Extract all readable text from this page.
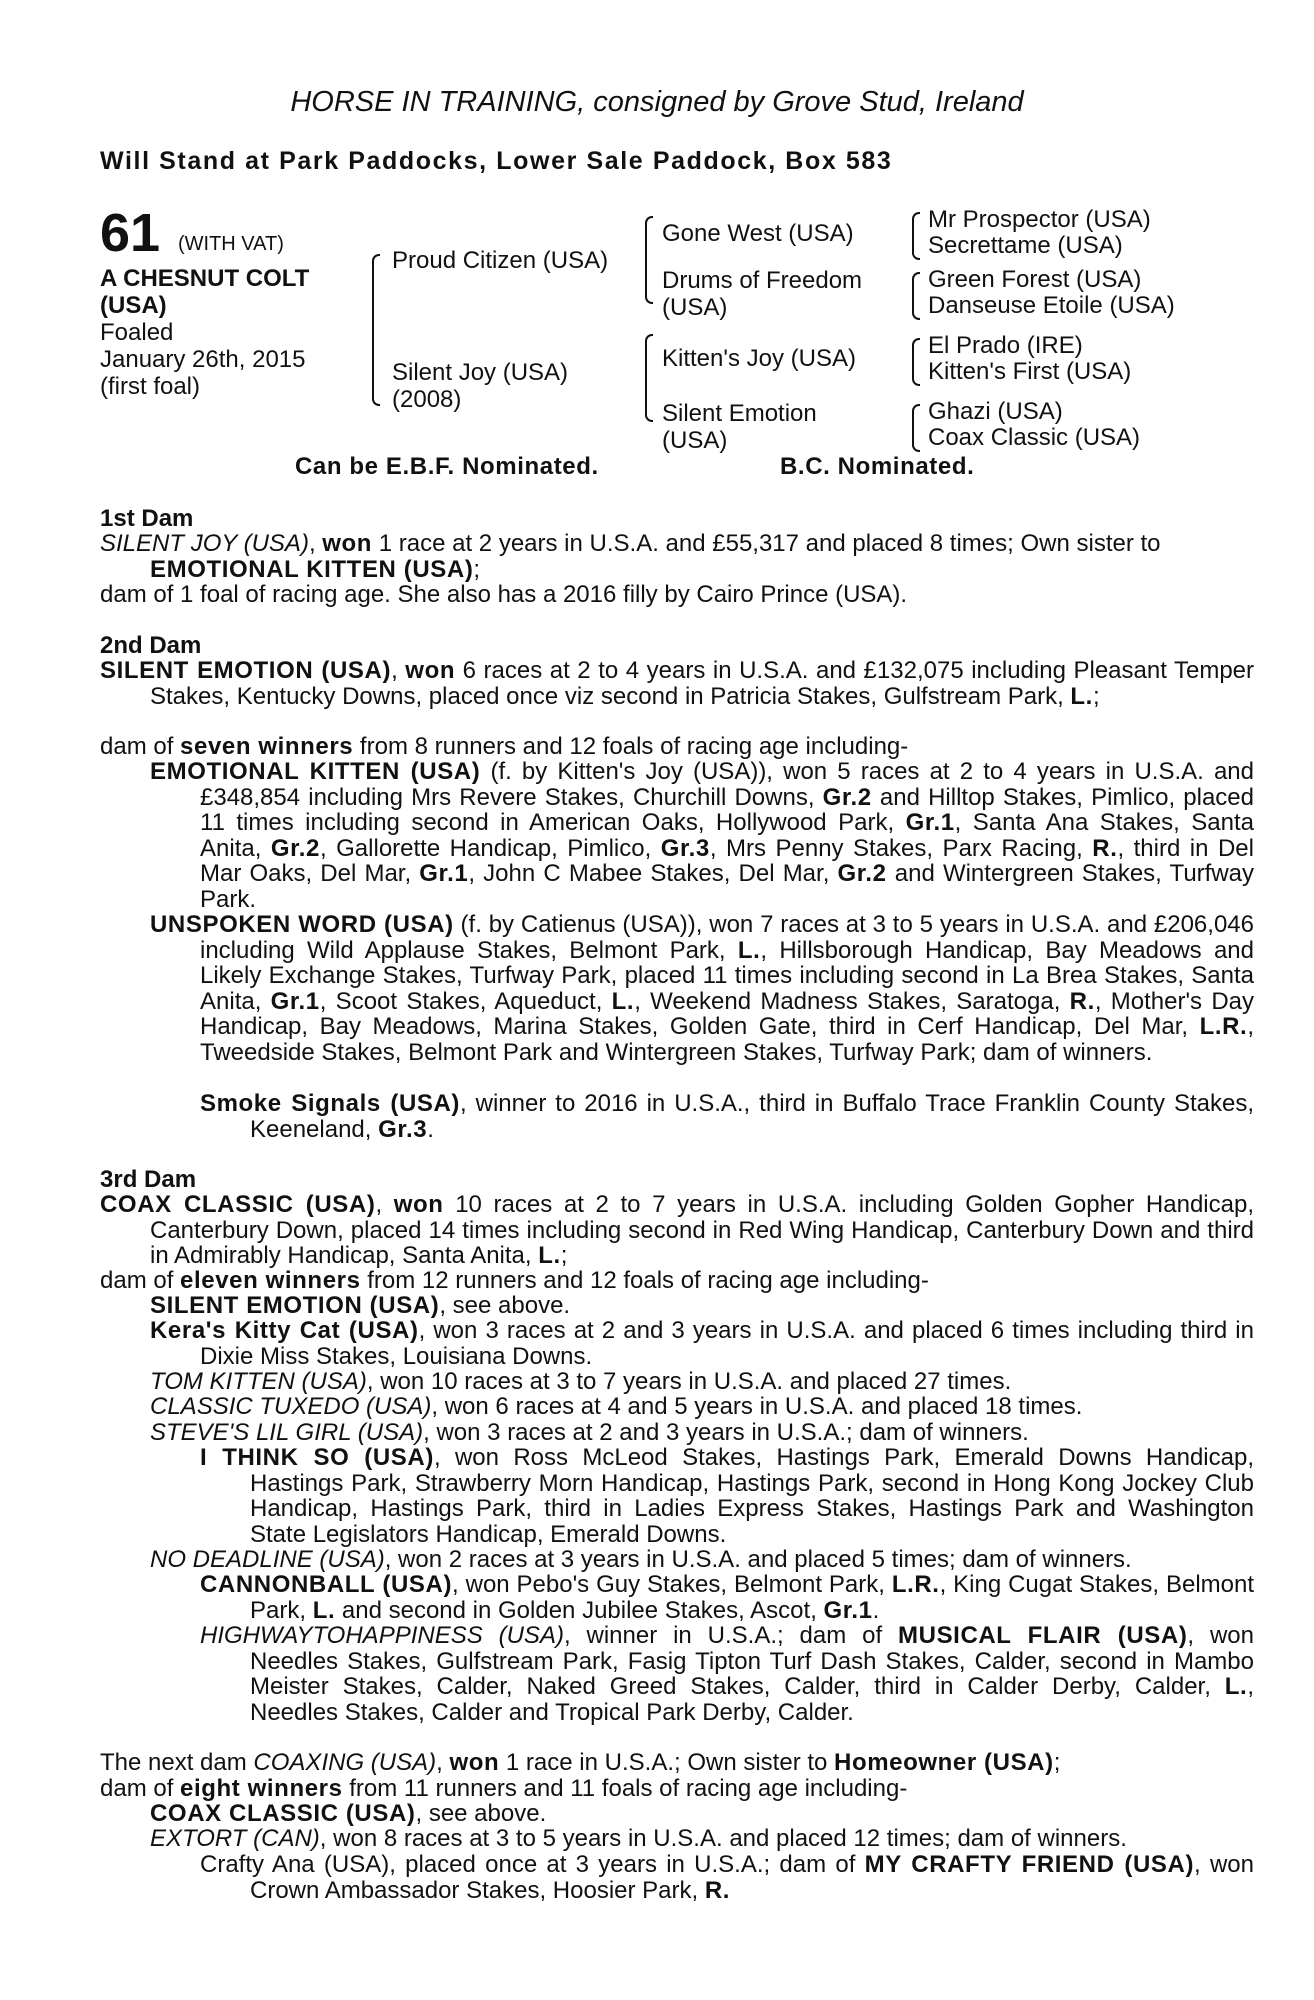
HORSE IN TRAINING, consigned by Grove Stud, Ireland
Will Stand at Park Paddocks, Lower Sale Paddock, Box 583
61 (WITH VAT)
A CHESNUT COLT
(USA)
Foaled
January 26th, 2015
(first foal)
Proud Citizen (USA)
Silent Joy (USA)
(2008)
Gone West (USA)
Drums of Freedom
(USA)
Kitten's Joy (USA)
Silent Emotion
(USA)
Mr Prospector (USA)
Secrettame (USA)
Green Forest (USA)
Danseuse Etoile (USA)
El Prado (IRE)
Kitten's First (USA)
Ghazi (USA)
Coax Classic (USA)
Can be E.B.F. Nominated.	B.C. Nominated.
1st Dam
SILENT JOY (USA), won 1 race at 2 years in U.S.A. and £55,317 and placed 8 times; Own sister to EMOTIONAL KITTEN (USA);
dam of 1 foal of racing age. She also has a 2016 filly by Cairo Prince (USA).
2nd Dam
SILENT EMOTION (USA), won 6 races at 2 to 4 years in U.S.A. and £132,075 including Pleasant Temper Stakes, Kentucky Downs, placed once viz second in Patricia Stakes, Gulfstream Park, L.;
dam of seven winners from 8 runners and 12 foals of racing age including-
EMOTIONAL KITTEN (USA) (f. by Kitten's Joy (USA)), won 5 races at 2 to 4 years in U.S.A. and £348,854 including Mrs Revere Stakes, Churchill Downs, Gr.2 and Hilltop Stakes, Pimlico, placed 11 times including second in American Oaks, Hollywood Park, Gr.1, Santa Ana Stakes, Santa Anita, Gr.2, Gallorette Handicap, Pimlico, Gr.3, Mrs Penny Stakes, Parx Racing, R., third in Del Mar Oaks, Del Mar, Gr.1, John C Mabee Stakes, Del Mar, Gr.2 and Wintergreen Stakes, Turfway Park.
UNSPOKEN WORD (USA) (f. by Catienus (USA)), won 7 races at 3 to 5 years in U.S.A. and £206,046 including Wild Applause Stakes, Belmont Park, L., Hillsborough Handicap, Bay Meadows and Likely Exchange Stakes, Turfway Park, placed 11 times including second in La Brea Stakes, Santa Anita, Gr.1, Scoot Stakes, Aqueduct, L., Weekend Madness Stakes, Saratoga, R., Mother's Day Handicap, Bay Meadows, Marina Stakes, Golden Gate, third in Cerf Handicap, Del Mar, L.R., Tweedside Stakes, Belmont Park and Wintergreen Stakes, Turfway Park; dam of winners.
Smoke Signals (USA), winner to 2016 in U.S.A., third in Buffalo Trace Franklin County Stakes, Keeneland, Gr.3.
3rd Dam
COAX CLASSIC (USA), won 10 races at 2 to 7 years in U.S.A. including Golden Gopher Handicap, Canterbury Down, placed 14 times including second in Red Wing Handicap, Canterbury Down and third in Admirably Handicap, Santa Anita, L.;
dam of eleven winners from 12 runners and 12 foals of racing age including-
SILENT EMOTION (USA), see above.
Kera's Kitty Cat (USA), won 3 races at 2 and 3 years in U.S.A. and placed 6 times including third in Dixie Miss Stakes, Louisiana Downs.
TOM KITTEN (USA), won 10 races at 3 to 7 years in U.S.A. and placed 27 times.
CLASSIC TUXEDO (USA), won 6 races at 4 and 5 years in U.S.A. and placed 18 times.
STEVE'S LIL GIRL (USA), won 3 races at 2 and 3 years in U.S.A.; dam of winners.
I THINK SO (USA), won Ross McLeod Stakes, Hastings Park, Emerald Downs Handicap, Hastings Park, Strawberry Morn Handicap, Hastings Park, second in Hong Kong Jockey Club Handicap, Hastings Park, third in Ladies Express Stakes, Hastings Park and Washington State Legislators Handicap, Emerald Downs.
NO DEADLINE (USA), won 2 races at 3 years in U.S.A. and placed 5 times; dam of winners.
CANNONBALL (USA), won Pebo's Guy Stakes, Belmont Park, L.R., King Cugat Stakes, Belmont Park, L. and second in Golden Jubilee Stakes, Ascot, Gr.1.
HIGHWAYTOHAPPINESS (USA), winner in U.S.A.; dam of MUSICAL FLAIR (USA), won Needles Stakes, Gulfstream Park, Fasig Tipton Turf Dash Stakes, Calder, second in Mambo Meister Stakes, Calder, Naked Greed Stakes, Calder, third in Calder Derby, Calder, L., Needles Stakes, Calder and Tropical Park Derby, Calder.
The next dam COAXING (USA), won 1 race in U.S.A.; Own sister to Homeowner (USA);
dam of eight winners from 11 runners and 11 foals of racing age including-
COAX CLASSIC (USA), see above.
EXTORT (CAN), won 8 races at 3 to 5 years in U.S.A. and placed 12 times; dam of winners.
Crafty Ana (USA), placed once at 3 years in U.S.A.; dam of MY CRAFTY FRIEND (USA), won Crown Ambassador Stakes, Hoosier Park, R.
